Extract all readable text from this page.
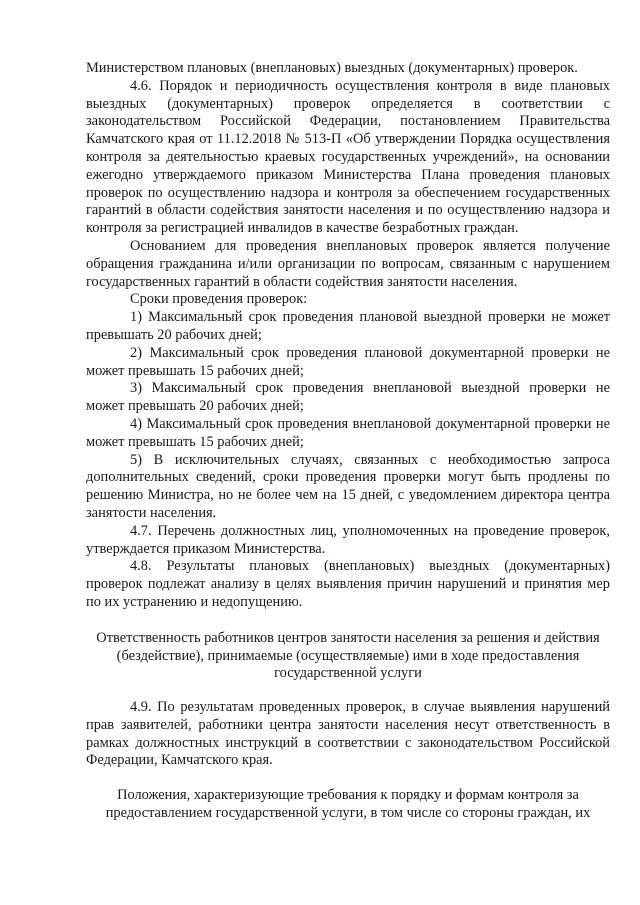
Министерством плановых (внеплановых) выездных (документарных) проверок.

4.6. Порядок и периодичность осуществления контроля в виде плановых выездных (документарных) проверок определяется в соответствии с законодательством Российской Федерации, постановлением Правительства Камчатского края от 11.12.2018 № 513-П «Об утверждении Порядка осуществления контроля за деятельностью краевых государственных учреждений», на основании ежегодно утверждаемого приказом Министерства Плана проведения плановых проверок по осуществлению надзора и контроля за обеспечением государственных гарантий в области содействия занятости населения и по осуществлению надзора и контроля за регистрацией инвалидов в качестве безработных граждан.

Основанием для проведения внеплановых проверок является получение обращения гражданина и/или организации по вопросам, связанным с нарушением государственных гарантий в области содействия занятости населения.

Сроки проведения проверок:

1) Максимальный срок проведения плановой выездной проверки не может превышать 20 рабочих дней;

2) Максимальный срок проведения плановой документарной проверки не может превышать 15 рабочих дней;

3) Максимальный срок проведения внеплановой выездной проверки не может превышать 20 рабочих дней;

4) Максимальный срок проведения внеплановой документарной проверки не может превышать 15 рабочих дней;

5) В исключительных случаях, связанных с необходимостью запроса дополнительных сведений, сроки проведения проверки могут быть продлены по решению Министра, но не более чем на 15 дней, с уведомлением директора центра занятости населения.

4.7. Перечень должностных лиц, уполномоченных на проведение проверок, утверждается приказом Министерства.

4.8. Результаты плановых (внеплановых) выездных (документарных) проверок подлежат анализу в целях выявления причин нарушений и принятия мер по их устранению и недопущению.

Ответственность работников центров занятости населения за решения и действия (бездействие), принимаемые (осуществляемые) ими в ходе предоставления государственной услуги

4.9. По результатам проведенных проверок, в случае выявления нарушений прав заявителей, работники центра занятости населения несут ответственность в рамках должностных инструкций в соответствии с законодательством Российской Федерации, Камчатского края.

Положения, характеризующие требования к порядку и формам контроля за предоставлением государственной услуги, в том числе со стороны граждан, их
